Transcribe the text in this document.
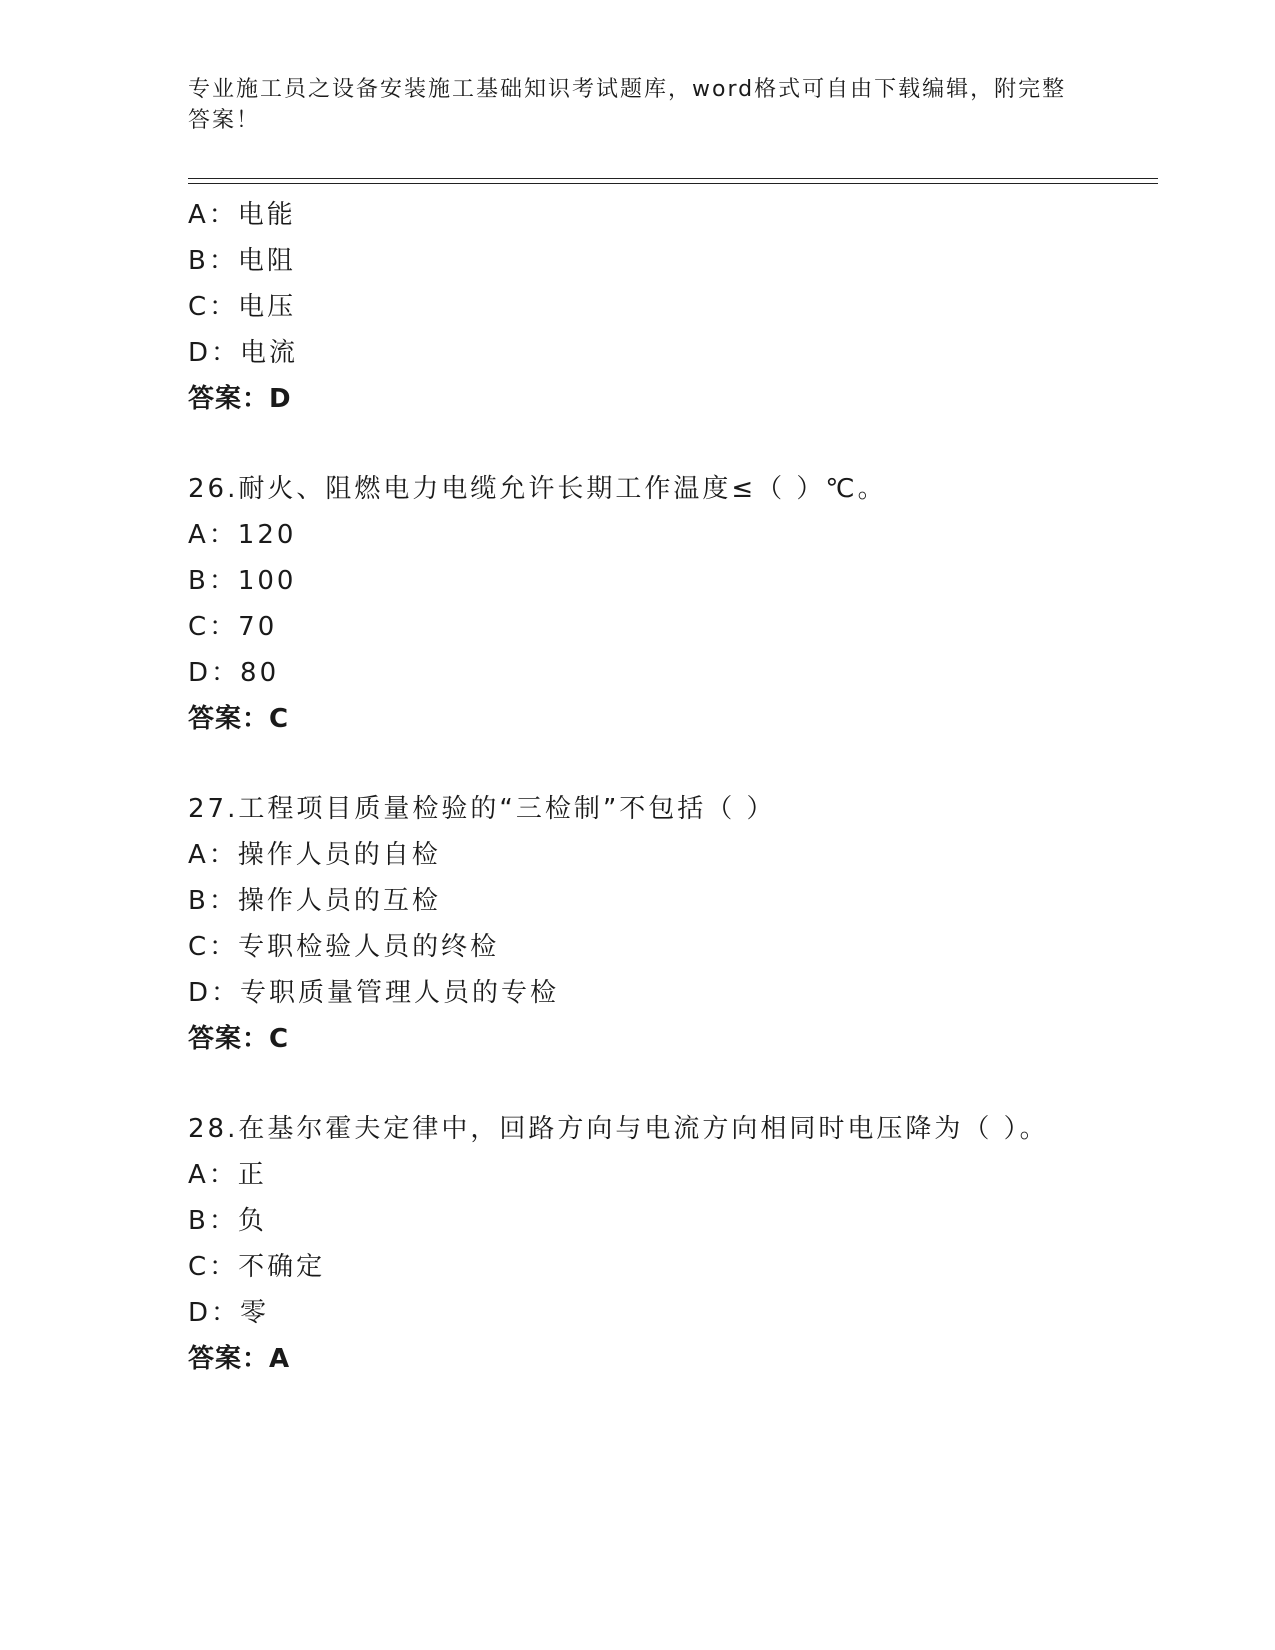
专业施工员之设备安装施工基础知识考试题库，word格式可自由下载编辑，附完整答案！
A：电能
B：电阻
C：电压
D：电流
答案：D
26.耐火、阻燃电力电缆允许长期工作温度≤（ ）℃。
A：120
B：100
C：70
D：80
答案：C
27.工程项目质量检验的“三检制”不包括（ ）
A：操作人员的自检
B：操作人员的互检
C：专职检验人员的终检
D：专职质量管理人员的专检
答案：C
28.在基尔霍夫定律中，回路方向与电流方向相同时电压降为（ ）。
A：正
B：负
C：不确定
D：零
答案：A
